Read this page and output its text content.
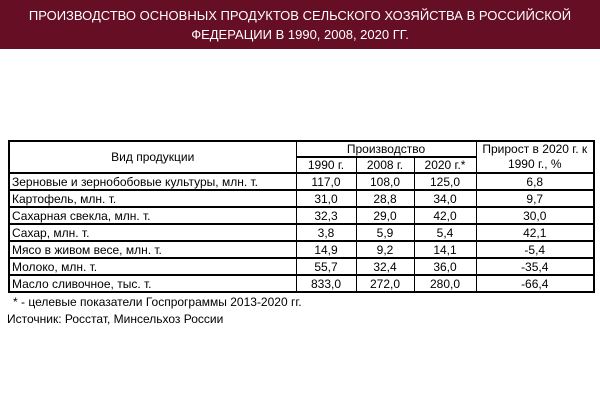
ПРОИЗВОДСТВО ОСНОВНЫХ ПРОДУКТОВ СЕЛЬСКОГО ХОЗЯЙСТВА В РОССИЙСКОЙ
ФЕДЕРАЦИИ В 1990, 2008, 2020 ГГ.
Вид продукции	Производство			Прирост в 2020 г. к 1990 г., %
	1990 г.	2008 г.	2020 г.*	
Зерновые и зернобобовые культуры, млн. т.	117,0	108,0	125,0	6,8
Картофель, млн. т.	31,0	28,8	34,0	9,7
Сахарная свекла, млн. т.	32,3	29,0	42,0	30,0
Сахар, млн. т.	3,8	5,9	5,4	42,1
Мясо в живом весе, млн. т.	14,9	9,2	14,1	-5,4
Молоко, млн. т.	55,7	32,4	36,0	-35,4
Масло сливочное, тыс. т.	833,0	272,0	280,0	-66,4
* - целевые показатели Госпрограммы 2013-2020 гг.
Источник: Росстат, Минсельхоз России
